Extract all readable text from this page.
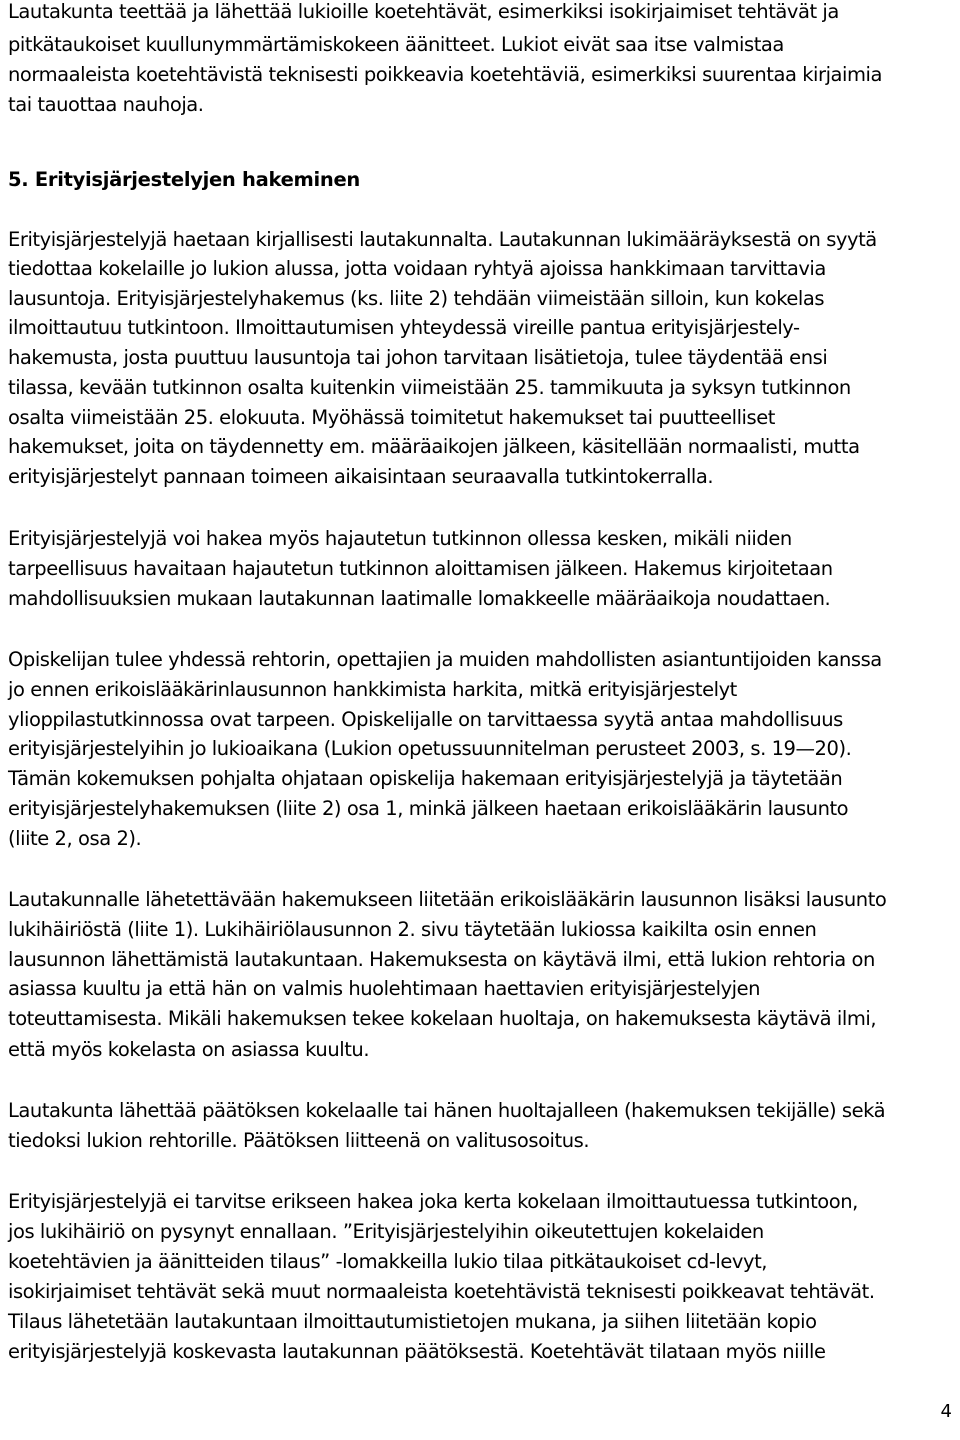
Lautakunta teettää ja lähettää lukioille koetehtävät, esimerkiksi isokirjaimiset tehtävät ja
pitkätaukoiset kuullunymmärtämiskokeen äänitteet. Lukiot eivät saa itse valmistaa
normaaleista koetehtävistä teknisesti poikkeavia koetehtäviä, esimerkiksi suurentaa kirjaimia
tai tauottaa nauhoja.
5. Erityisjärjestelyjen hakeminen
Erityisjärjestelyjä haetaan kirjallisesti lautakunnalta. Lautakunnan lukimääräyksestä on syytä
tiedottaa kokelaille jo lukion alussa, jotta voidaan ryhtyä ajoissa hankkimaan tarvittavia
lausuntoja. Erityisjärjestelyhakemus (ks. liite 2) tehdään viimeistään silloin, kun kokelas
ilmoittautuu tutkintoon. Ilmoittautumisen yhteydessä vireille pantua erityisjärjestely-
hakemusta, josta puuttuu lausuntoja tai johon tarvitaan lisätietoja, tulee täydentää ensi
tilassa, kevään tutkinnon osalta kuitenkin viimeistään 25. tammikuuta ja syksyn tutkinnon
osalta viimeistään 25. elokuuta. Myöhässä toimitetut hakemukset tai puutteelliset
hakemukset, joita on täydennetty em. määräaikojen jälkeen, käsitellään normaalisti, mutta
erityisjärjestelyt pannaan toimeen aikaisintaan seuraavalla tutkintokerralla.
Erityisjärjestelyjä voi hakea myös hajautetun tutkinnon ollessa kesken, mikäli niiden
tarpeellisuus havaitaan hajautetun tutkinnon aloittamisen jälkeen. Hakemus kirjoitetaan
mahdollisuuksien mukaan lautakunnan laatimalle lomakkeelle määräaikoja noudattaen.
Opiskelijan tulee yhdessä rehtorin, opettajien ja muiden mahdollisten asiantuntijoiden kanssa
jo ennen erikoislääkärinlausunnon hankkimista harkita, mitkä erityisjärjestelyt
ylioppilastutkinnossa ovat tarpeen. Opiskelijalle on tarvittaessa syytä antaa mahdollisuus
erityisjärjestelyihin jo lukioaikana (Lukion opetussuunnitelman perusteet 2003, s. 19—20).
Tämän kokemuksen pohjalta ohjataan opiskelija hakemaan erityisjärjestelyjä ja täytetään
erityisjärjestelyhakemuksen (liite 2) osa 1, minkä jälkeen haetaan erikoislääkärin lausunto
(liite 2, osa 2).
Lautakunnalle lähetettävään hakemukseen liitetään erikoislääkärin lausunnon lisäksi lausunto
lukihäiriöstä (liite 1). Lukihäiriölausunnon 2. sivu täytetään lukiossa kaikilta osin ennen
lausunnon lähettämistä lautakuntaan. Hakemuksesta on käytävä ilmi, että lukion rehtoria on
asiassa kuultu ja että hän on valmis huolehtimaan haettavien erityisjärjestelyjen
toteuttamisesta. Mikäli hakemuksen tekee kokelaan huoltaja, on hakemuksesta käytävä ilmi,
että myös kokelasta on asiassa kuultu.
Lautakunta lähettää päätöksen kokelaalle tai hänen huoltajalleen (hakemuksen tekijälle) sekä
tiedoksi lukion rehtorille. Päätöksen liitteenä on valitusosoitus.
Erityisjärjestelyjä ei tarvitse erikseen hakea joka kerta kokelaan ilmoittautuessa tutkintoon,
jos lukihäiriö on pysynyt ennallaan. ”Erityisjärjestelyihin oikeutettujen kokelaiden
koetehtävien ja äänitteiden tilaus” -lomakkeilla lukio tilaa pitkätaukoiset cd-levyt,
isokirjaimiset tehtävät sekä muut normaaleista koetehtävistä teknisesti poikkeavat tehtävät.
Tilaus lähetetään lautakuntaan ilmoittautumistietojen mukana, ja siihen liitetään kopio
erityisjärjestelyjä koskevasta lautakunnan päätöksestä. Koetehtävät tilataan myös niille
4
